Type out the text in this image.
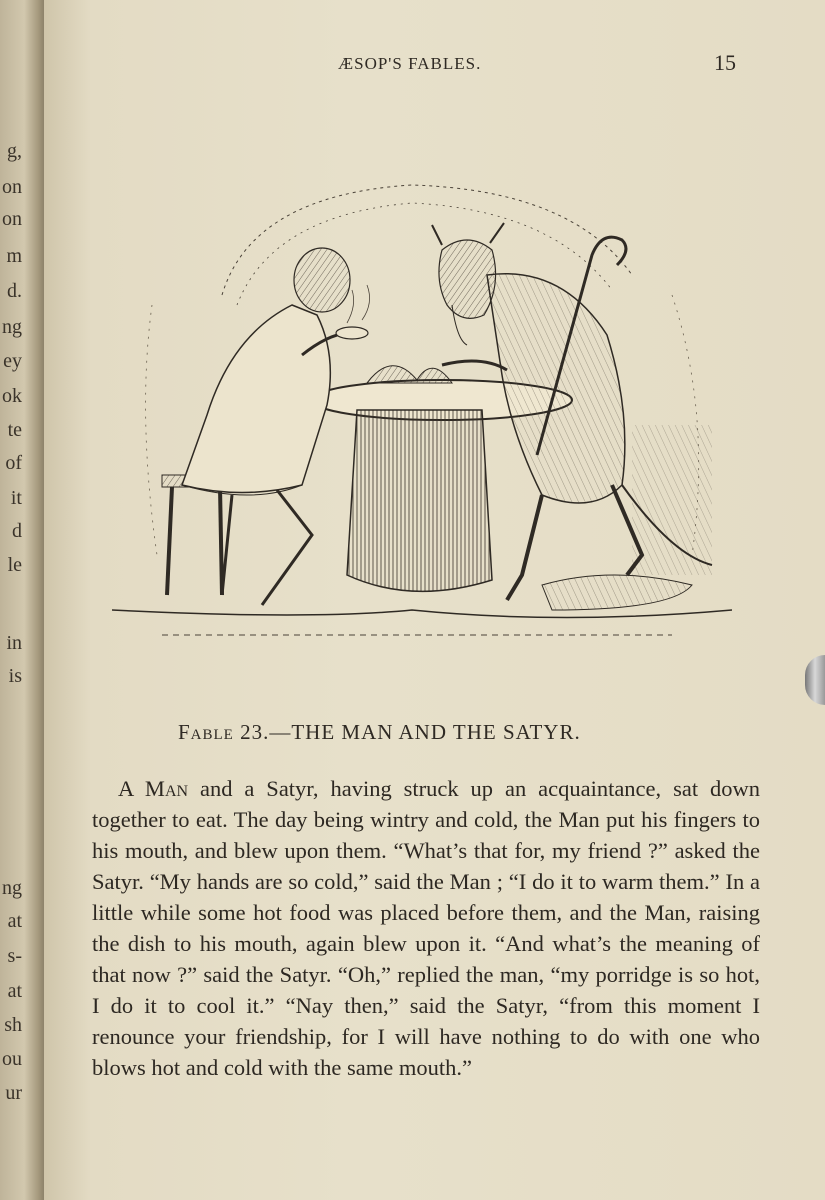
g,
on
on
m
d.
ng
ey
ok
te
of
it
d
le
in
is
ng
at
s-
at
sh
ou
ur
ÆSOP'S FABLES.	15
Fable 23.—THE MAN AND THE SATYR.

A Man and a Satyr, having struck up an acquaintance, sat down together to eat. The day being wintry and cold, the Man put his fingers to his mouth, and blew upon them. “What’s that for, my friend ?” asked the Satyr. “My hands are so cold,” said the Man ; “I do it to warm them.” In a little while some hot food was placed before them, and the Man, raising the dish to his mouth, again blew upon it. “And what’s the meaning of that now ?” said the Satyr. “Oh,” replied the man, “my porridge is so hot, I do it to cool it.” “Nay then,” said the Satyr, “from this moment I renounce your friendship, for I will have nothing to do with one who blows hot and cold with the same mouth.”
